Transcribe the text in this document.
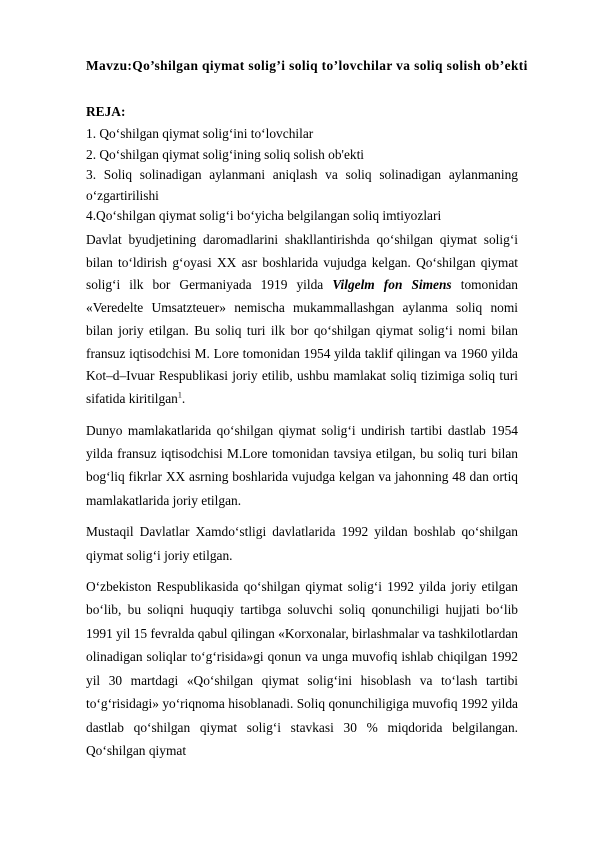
Mavzu:Qo’shilgan qiymat solig’i soliq to’lovchilar va soliq solish ob’ekti
REJA:
1. Qo‘shilgan qiymat solig‘ini to‘lovchilar
2. Qo‘shilgan qiymat solig‘ining soliq solish ob'ekti
3. Soliq solinadigan aylanmani aniqlash va soliq solinadigan aylanmaning o‘zgartirilishi
4.Qo‘shilgan qiymat solig‘i bo‘yicha belgilangan soliq imtiyozlari

Davlat byudjetining daromadlarini shakllantirishda qo‘shilgan qiymat solig‘i bilan to‘ldirish g‘oyasi XX asr boshlarida vujudga kelgan. Qo‘shilgan qiymat solig‘i ilk bor Germaniyada 1919 yilda Vilgelm fon Simens tomonidan «Veredelte Umsatzteuer» nemischa mukammallashgan aylanma soliq nomi bilan joriy etilgan. Bu soliq turi ilk bor qo‘shilgan qiymat solig‘i nomi bilan fransuz iqtisodchisi M. Lore tomonidan 1954 yilda taklif qilingan va 1960 yilda Kot–d–Ivuar Respublikasi joriy etilib, ushbu mamlakat soliq tizimiga soliq turi sifatida kiritilgan$^1$.

Dunyo mamlakatlarida qo‘shilgan qiymat solig‘i undirish tartibi dastlab 1954 yilda fransuz iqtisodchisi M.Lore tomonidan tavsiya etilgan, bu soliq turi bilan bog‘liq fikrlar XX asrning boshlarida vujudga kelgan va jahonning 48 dan ortiq mamlakatlarida joriy etilgan.

Mustaqil Davlatlar Xamdo‘stligi davlatlarida 1992 yildan boshlab qo‘shilgan qiymat solig‘i joriy etilgan.

O‘zbekiston Respublikasida qo‘shilgan qiymat solig‘i 1992 yilda joriy etilgan bo‘lib, bu soliqni huquqiy tartibga soluvchi soliq qonunchiligi hujjati bo‘lib 1991 yil 15 fevralda qabul qilingan «Korxonalar, birlashmalar va tashkilotlardan olinadigan soliqlar to‘g‘risida»gi qonun va unga muvofiq ishlab chiqilgan 1992 yil 30 martdagi «Qo‘shilgan qiymat solig‘ini hisoblash va to‘lash tartibi to‘g‘risidagi» yo‘riqnoma hisoblanadi. Soliq qonunchiligiga muvofiq 1992 yilda dastlab qo‘shilgan qiymat solig‘i stavkasi 30 % miqdorida belgilangan. Qo‘shilgan qiymat
